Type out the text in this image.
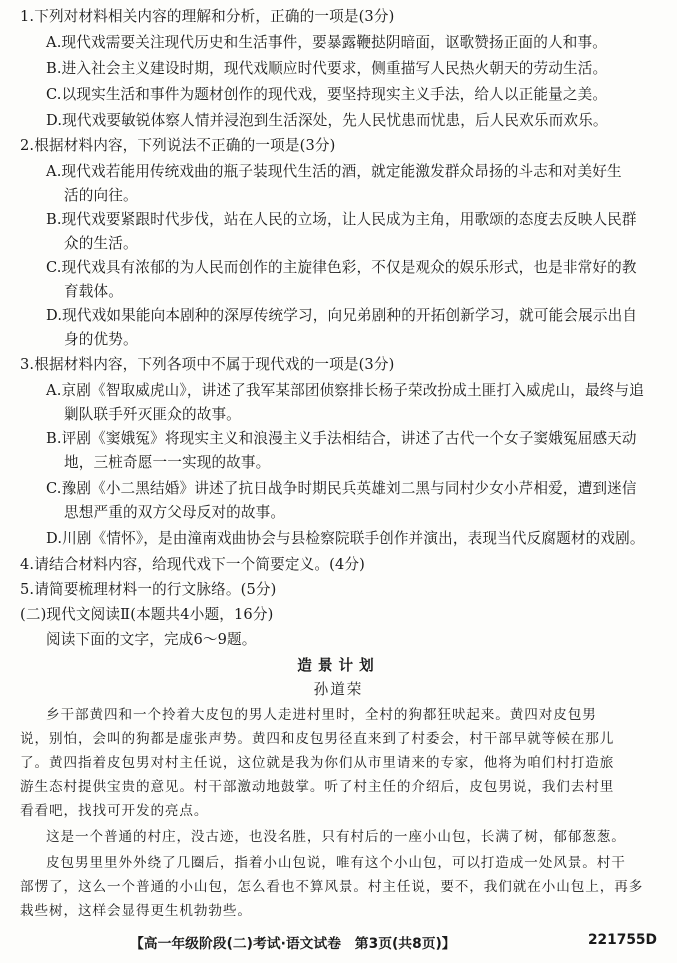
1.下列对材料相关内容的理解和分析，正确的一项是(3分)
A.现代戏需要关注现代历史和生活事件，要暴露鞭挞阴暗面，讴歌赞扬正面的人和事。
B.进入社会主义建设时期，现代戏顺应时代要求，侧重描写人民热火朝天的劳动生活。
C.以现实生活和事件为题材创作的现代戏，要坚持现实主义手法，给人以正能量之美。
D.现代戏要敏锐体察人情并浸泡到生活深处，先人民忧患而忧患，后人民欢乐而欢乐。
2.根据材料内容，下列说法不正确的一项是(3分)
A.现代戏若能用传统戏曲的瓶子装现代生活的酒，就定能激发群众昂扬的斗志和对美好生
活的向往。
B.现代戏要紧跟时代步伐，站在人民的立场，让人民成为主角，用歌颂的态度去反映人民群
众的生活。
C.现代戏具有浓郁的为人民而创作的主旋律色彩，不仅是观众的娱乐形式，也是非常好的教
育载体。
D.现代戏如果能向本剧种的深厚传统学习，向兄弟剧种的开拓创新学习，就可能会展示出自
身的优势。
3.根据材料内容，下列各项中不属于现代戏的一项是(3分)
A.京剧《智取威虎山》，讲述了我军某部团侦察排长杨子荣改扮成土匪打入威虎山，最终与追
剿队联手歼灭匪众的故事。
B.评剧《窦娥冤》将现实主义和浪漫主义手法相结合，讲述了古代一个女子窦娥冤屈感天动
地，三桩奇愿一一实现的故事。
C.豫剧《小二黑结婚》讲述了抗日战争时期民兵英雄刘二黑与同村少女小芹相爱，遭到迷信
思想严重的双方父母反对的故事。
D.川剧《情怀》，是由潼南戏曲协会与县检察院联手创作并演出，表现当代反腐题材的戏剧。
4.请结合材料内容，给现代戏下一个简要定义。(4分)
5.请简要梳理材料一的行文脉络。(5分)
(二)现代文阅读Ⅱ(本题共4小题，16分)
阅读下面的文字，完成6～9题。
造景计划
孙道荣
乡干部黄四和一个拎着大皮包的男人走进村里时，全村的狗都狂吠起来。黄四对皮包男
说，别怕，会叫的狗都是虚张声势。黄四和皮包男径直来到了村委会，村干部早就等候在那儿
了。黄四指着皮包男对村主任说，这位就是我为你们从市里请来的专家，他将为咱们村打造旅
游生态村提供宝贵的意见。村干部激动地鼓掌。听了村主任的介绍后，皮包男说，我们去村里
看看吧，找找可开发的亮点。
这是一个普通的村庄，没古迹，也没名胜，只有村后的一座小山包，长满了树，郁郁葱葱。
皮包男里里外外绕了几圈后，指着小山包说，唯有这个小山包，可以打造成一处风景。村干
部愣了，这么一个普通的小山包，怎么看也不算风景。村主任说，要不，我们就在小山包上，再多
栽些树，这样会显得更生机勃勃些。
【高一年级阶段(二)考试·语文试卷　第3页(共8页)】	221755D
